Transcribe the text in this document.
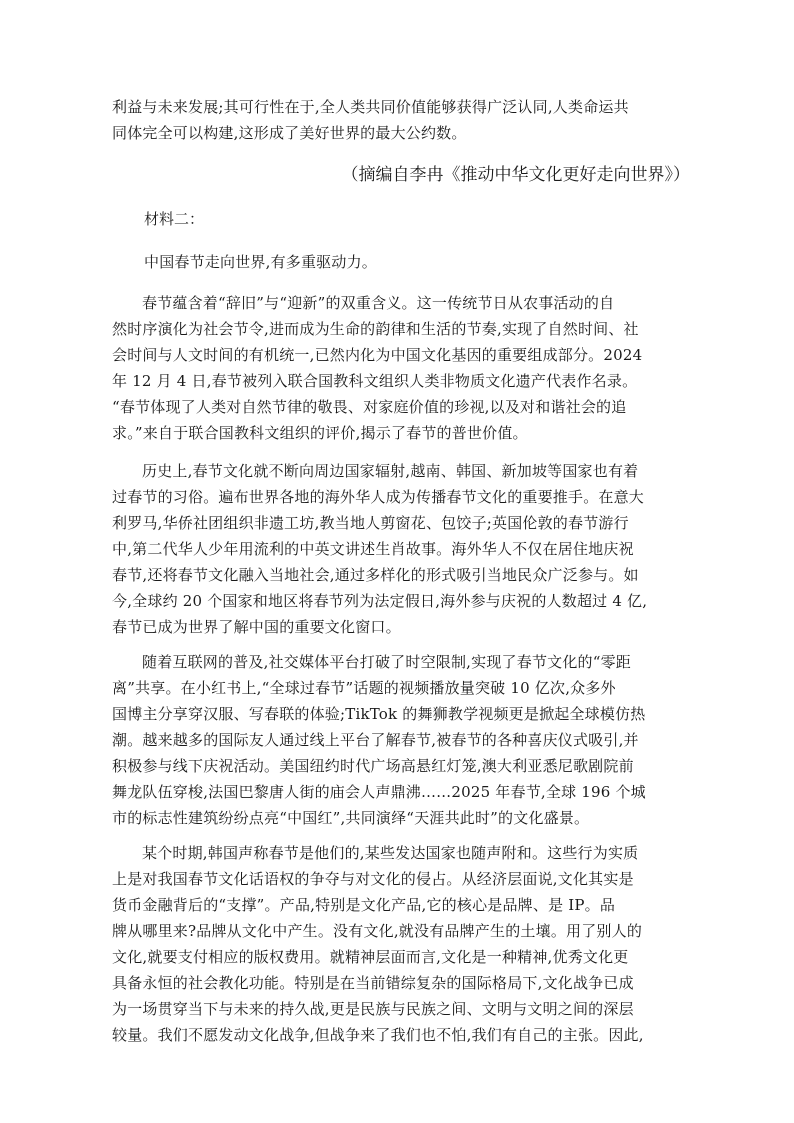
利益与未来发展;其可行性在于,全人类共同价值能够获得广泛认同,人类命运共
同体完全可以构建,这形成了美好世界的最大公约数。
（摘编自李冉《推动中华文化更好走向世界》）
材料二：
中国春节走向世界,有多重驱动力。
春节蕴含着“辞旧”与“迎新”的双重含义。这一传统节日从农事活动的自
然时序演化为社会节令,进而成为生命的韵律和生活的节奏,实现了自然时间、社
会时间与人文时间的有机统一,已然内化为中国文化基因的重要组成部分。2024
年 12 月 4 日,春节被列入联合国教科文组织人类非物质文化遗产代表作名录。
“春节体现了人类对自然节律的敬畏、对家庭价值的珍视,以及对和谐社会的追
求。”来自于联合国教科文组织的评价,揭示了春节的普世价值。
历史上,春节文化就不断向周边国家辐射,越南、韩国、新加坡等国家也有着
过春节的习俗。遍布世界各地的海外华人成为传播春节文化的重要推手。在意大
利罗马,华侨社团组织非遗工坊,教当地人剪窗花、包饺子;英国伦敦的春节游行
中,第二代华人少年用流利的中英文讲述生肖故事。海外华人不仅在居住地庆祝
春节,还将春节文化融入当地社会,通过多样化的形式吸引当地民众广泛参与。如
今,全球约 20 个国家和地区将春节列为法定假日,海外参与庆祝的人数超过 4 亿,
春节已成为世界了解中国的重要文化窗口。
随着互联网的普及,社交媒体平台打破了时空限制,实现了春节文化的“零距
离”共享。在小红书上,“全球过春节”话题的视频播放量突破 10 亿次,众多外
国博主分享穿汉服、写春联的体验;TikTok 的舞狮教学视频更是掀起全球模仿热
潮。越来越多的国际友人通过线上平台了解春节,被春节的各种喜庆仪式吸引,并
积极参与线下庆祝活动。美国纽约时代广场高悬红灯笼,澳大利亚悉尼歌剧院前
舞龙队伍穿梭,法国巴黎唐人街的庙会人声鼎沸……2025 年春节,全球 196 个城
市的标志性建筑纷纷点亮“中国红”,共同演绎“天涯共此时”的文化盛景。
某个时期,韩国声称春节是他们的,某些发达国家也随声附和。这些行为实质
上是对我国春节文化话语权的争夺与对文化的侵占。从经济层面说,文化其实是
货币金融背后的“支撑”。产品,特别是文化产品,它的核心是品牌、是 IP。品
牌从哪里来?品牌从文化中产生。没有文化,就没有品牌产生的土壤。用了别人的
文化,就要支付相应的版权费用。就精神层面而言,文化是一种精神,优秀文化更
具备永恒的社会教化功能。特别是在当前错综复杂的国际格局下,文化战争已成
为一场贯穿当下与未来的持久战,更是民族与民族之间、文明与文明之间的深层
较量。我们不愿发动文化战争,但战争来了我们也不怕,我们有自己的主张。因此,
